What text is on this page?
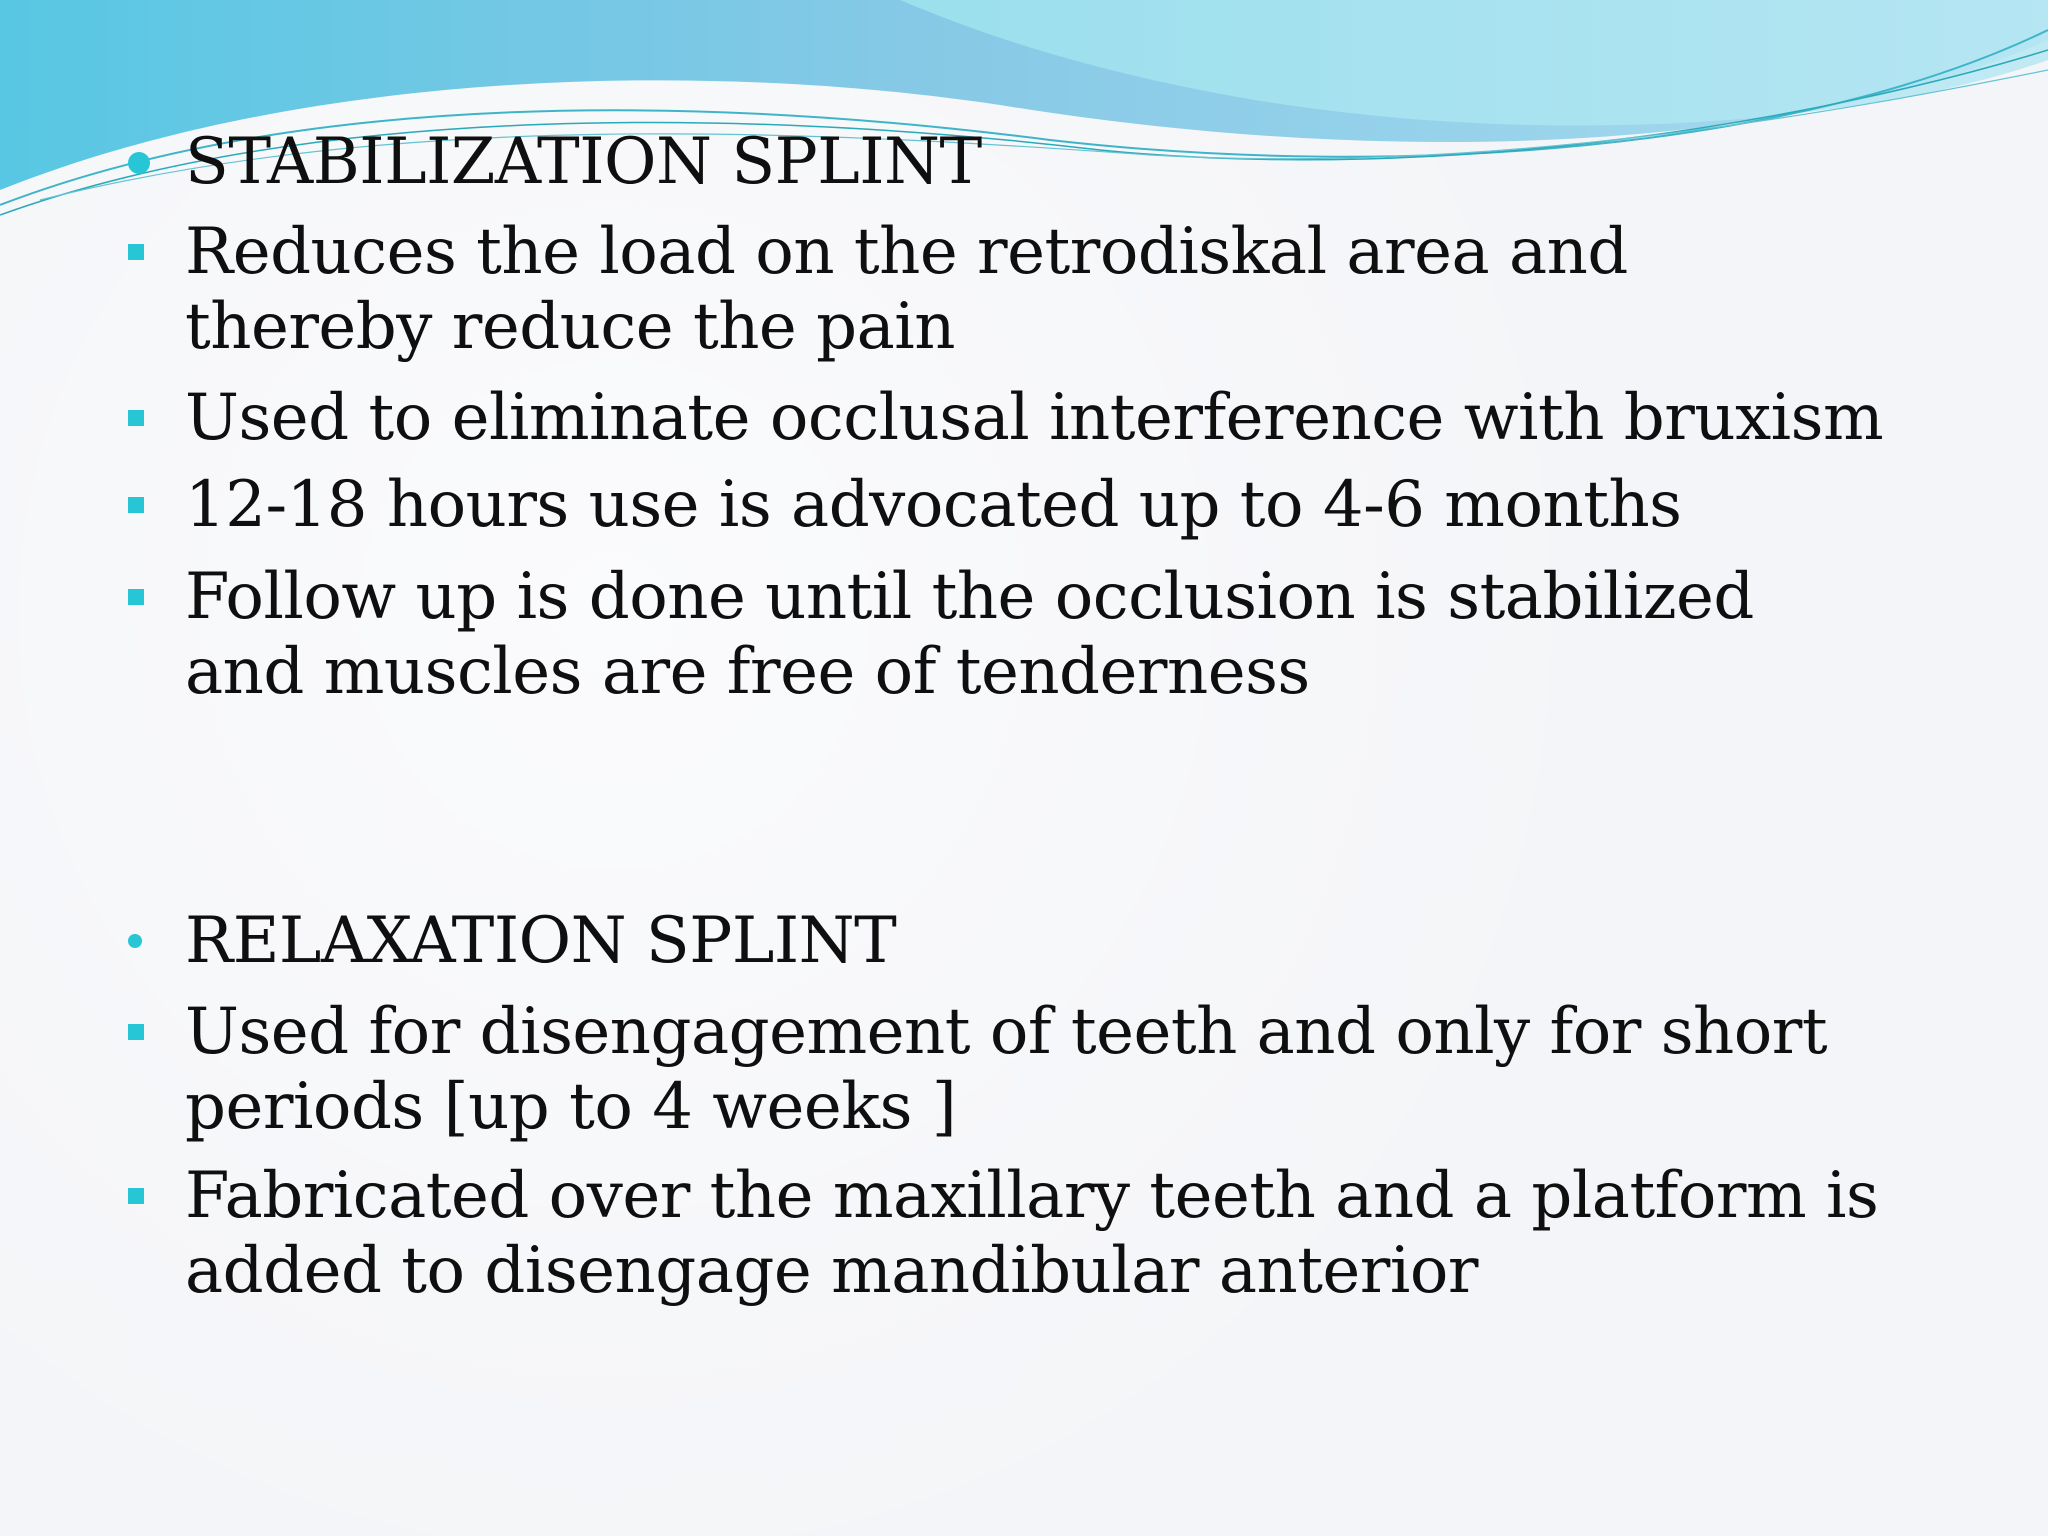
STABILIZATION SPLINT
Reduces the load on the retrodiskal area and thereby reduce the pain
Used to eliminate occlusal interference with bruxism
12-18 hours use is advocated up to 4-6 months
Follow up is done until the occlusion is stabilized and muscles are free of tenderness
RELAXATION SPLINT
Used for disengagement of teeth and only for short periods [up to 4 weeks ]
Fabricated over the maxillary teeth and a platform is added to disengage mandibular anterior
